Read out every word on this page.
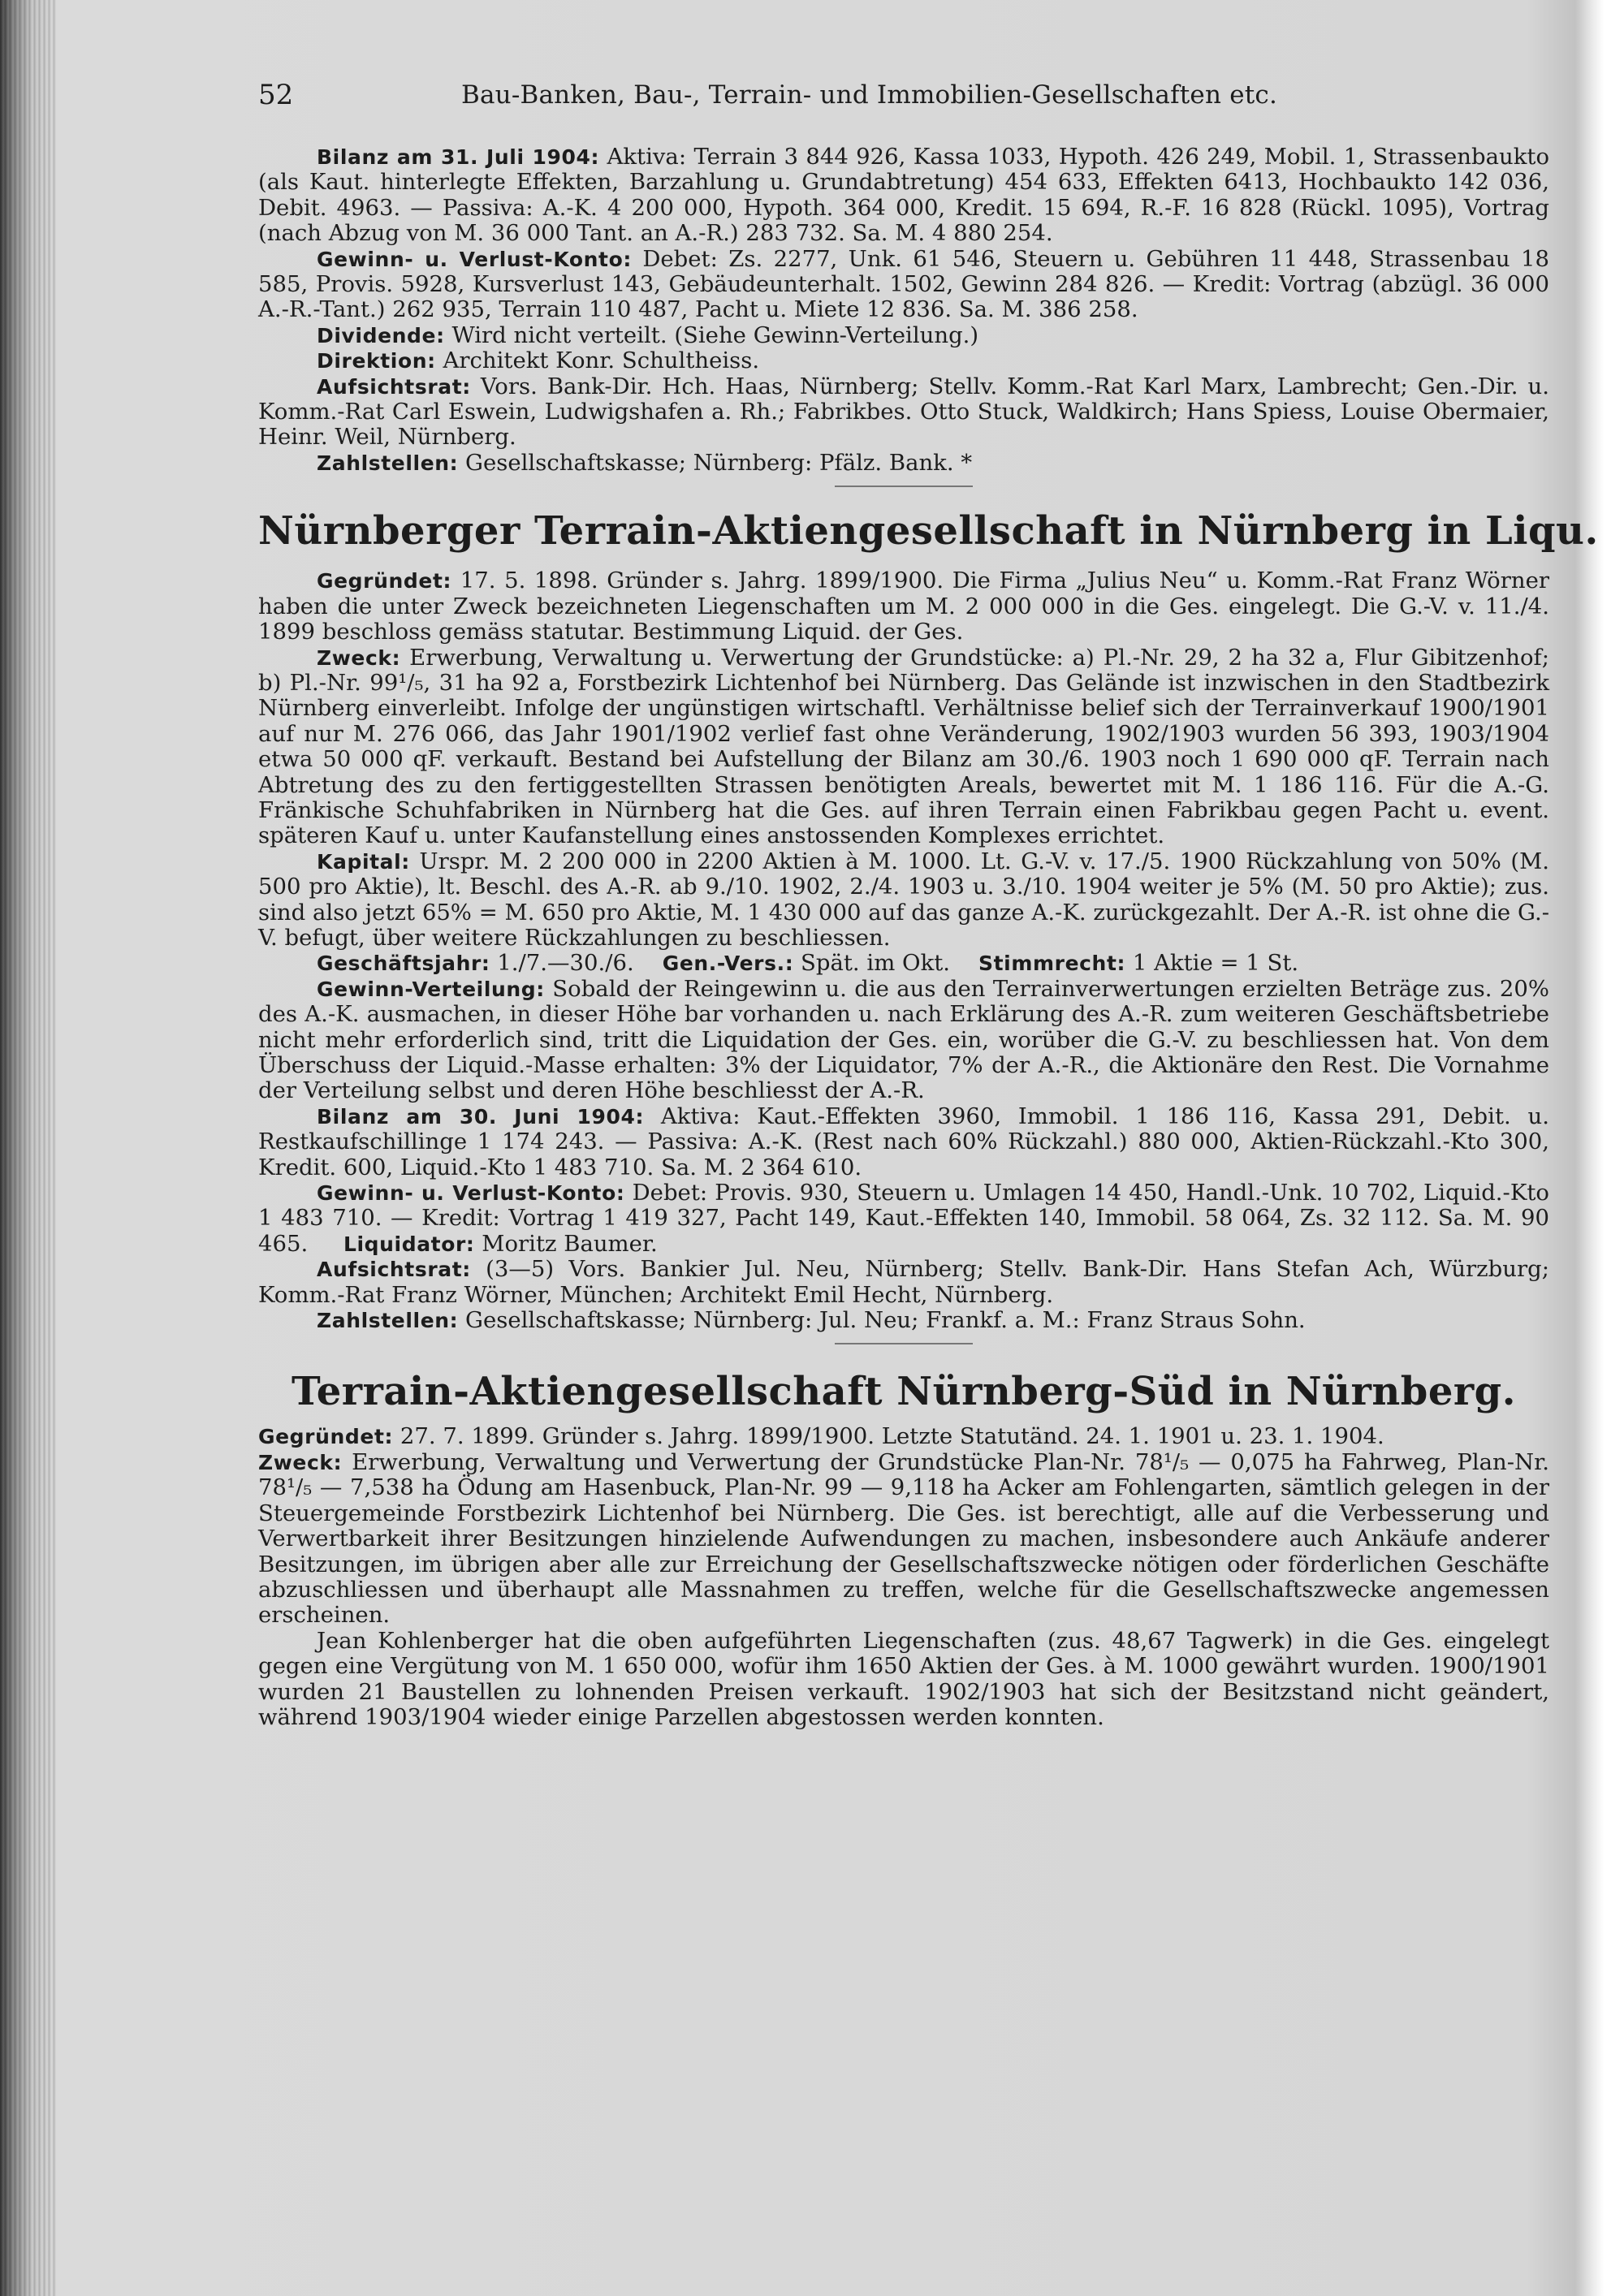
52	Bau-Banken, Bau-, Terrain- und Immobilien-Gesellschaften etc.

Bilanz am 31. Juli 1904: Aktiva: Terrain 3 844 926, Kassa 1033, Hypoth. 426 249, Mobil. 1, Strassenbaukto (als Kaut. hinterlegte Effekten, Barzahlung u. Grundabtretung) 454 633, Effekten 6413, Hochbaukto 142 036, Debit. 4963. — Passiva: A.-K. 4 200 000, Hypoth. 364 000, Kredit. 15 694, R.-F. 16 828 (Rückl. 1095), Vortrag (nach Abzug von M. 36 000 Tant. an A.-R.) 283 732. Sa. M. 4 880 254.

Gewinn- u. Verlust-Konto: Debet: Zs. 2277, Unk. 61 546, Steuern u. Gebühren 11 448, Strassenbau 18 585, Provis. 5928, Kursverlust 143, Gebäudeunterhalt. 1502, Gewinn 284 826. — Kredit: Vortrag (abzügl. 36 000 A.-R.-Tant.) 262 935, Terrain 110 487, Pacht u. Miete 12 836. Sa. M. 386 258.

Dividende: Wird nicht verteilt. (Siehe Gewinn-Verteilung.)

Direktion: Architekt Konr. Schultheiss.

Aufsichtsrat: Vors. Bank-Dir. Hch. Haas, Nürnberg; Stellv. Komm.-Rat Karl Marx, Lambrecht; Gen.-Dir. u. Komm.-Rat Carl Eswein, Ludwigshafen a. Rh.; Fabrikbes. Otto Stuck, Waldkirch; Hans Spiess, Louise Obermaier, Heinr. Weil, Nürnberg.

Zahlstellen: Gesellschaftskasse; Nürnberg: Pfälz. Bank. *

Nürnberger Terrain-Aktiengesellschaft in Nürnberg in Liqu.

Gegründet: 17. 5. 1898. Gründer s. Jahrg. 1899/1900. Die Firma „Julius Neu“ u. Komm.-Rat Franz Wörner haben die unter Zweck bezeichneten Liegenschaften um M. 2 000 000 in die Ges. eingelegt. Die G.-V. v. 11./4. 1899 beschloss gemäss statutar. Bestimmung Liquid. der Ges.

Zweck: Erwerbung, Verwaltung u. Verwertung der Grundstücke: a) Pl.-Nr. 29, 2 ha 32 a, Flur Gibitzenhof; b) Pl.-Nr. 99¹/₅, 31 ha 92 a, Forstbezirk Lichtenhof bei Nürnberg. Das Gelände ist inzwischen in den Stadtbezirk Nürnberg einverleibt. Infolge der ungünstigen wirtschaftl. Verhältnisse belief sich der Terrainverkauf 1900/1901 auf nur M. 276 066, das Jahr 1901/1902 verlief fast ohne Veränderung, 1902/1903 wurden 56 393, 1903/1904 etwa 50 000 qF. verkauft. Bestand bei Aufstellung der Bilanz am 30./6. 1903 noch 1 690 000 qF. Terrain nach Abtretung des zu den fertiggestellten Strassen benötigten Areals, bewertet mit M. 1 186 116. Für die A.-G. Fränkische Schuhfabriken in Nürnberg hat die Ges. auf ihren Terrain einen Fabrikbau gegen Pacht u. event. späteren Kauf u. unter Kaufanstellung eines anstossenden Komplexes errichtet.

Kapital: Urspr. M. 2 200 000 in 2200 Aktien à M. 1000. Lt. G.-V. v. 17./5. 1900 Rückzahlung von 50% (M. 500 pro Aktie), lt. Beschl. des A.-R. ab 9./10. 1902, 2./4. 1903 u. 3./10. 1904 weiter je 5% (M. 50 pro Aktie); zus. sind also jetzt 65% = M. 650 pro Aktie, M. 1 430 000 auf das ganze A.-K. zurückgezahlt. Der A.-R. ist ohne die G.-V. befugt, über weitere Rückzahlungen zu beschliessen.

Geschäftsjahr: 1./7.—30./6. Gen.-Vers.: Spät. im Okt. Stimmrecht: 1 Aktie = 1 St.

Gewinn-Verteilung: Sobald der Reingewinn u. die aus den Terrainverwertungen erzielten Beträge zus. 20% des A.-K. ausmachen, in dieser Höhe bar vorhanden u. nach Erklärung des A.-R. zum weiteren Geschäftsbetriebe nicht mehr erforderlich sind, tritt die Liquidation der Ges. ein, worüber die G.-V. zu beschliessen hat. Von dem Überschuss der Liquid.-Masse erhalten: 3% der Liquidator, 7% der A.-R., die Aktionäre den Rest. Die Vornahme der Verteilung selbst und deren Höhe beschliesst der A.-R.

Bilanz am 30. Juni 1904: Aktiva: Kaut.-Effekten 3960, Immobil. 1 186 116, Kassa 291, Debit. u. Restkaufschillinge 1 174 243. — Passiva: A.-K. (Rest nach 60% Rückzahl.) 880 000, Aktien-Rückzahl.-Kto 300, Kredit. 600, Liquid.-Kto 1 483 710. Sa. M. 2 364 610.

Gewinn- u. Verlust-Konto: Debet: Provis. 930, Steuern u. Umlagen 14 450, Handl.-Unk. 10 702, Liquid.-Kto 1 483 710. — Kredit: Vortrag 1 419 327, Pacht 149, Kaut.-Effekten 140, Immobil. 58 064, Zs. 32 112. Sa. M. 90 465. Liquidator: Moritz Baumer.

Aufsichtsrat: (3—5) Vors. Bankier Jul. Neu, Nürnberg; Stellv. Bank-Dir. Hans Stefan Ach, Würzburg; Komm.-Rat Franz Wörner, München; Architekt Emil Hecht, Nürnberg.

Zahlstellen: Gesellschaftskasse; Nürnberg: Jul. Neu; Frankf. a. M.: Franz Straus Sohn.

Terrain-Aktiengesellschaft Nürnberg-Süd in Nürnberg.

Gegründet: 27. 7. 1899. Gründer s. Jahrg. 1899/1900. Letzte Statutänd. 24. 1. 1901 u. 23. 1. 1904.

Zweck: Erwerbung, Verwaltung und Verwertung der Grundstücke Plan-Nr. 78¹/₅ — 0,075 ha Fahrweg, Plan-Nr. 78¹/₅ — 7,538 ha Ödung am Hasenbuck, Plan-Nr. 99 — 9,118 ha Acker am Fohlengarten, sämtlich gelegen in der Steuergemeinde Forstbezirk Lichtenhof bei Nürnberg. Die Ges. ist berechtigt, alle auf die Verbesserung und Verwertbarkeit ihrer Besitzungen hinzielende Aufwendungen zu machen, insbesondere auch Ankäufe anderer Besitzungen, im übrigen aber alle zur Erreichung der Gesellschaftszwecke nötigen oder förderlichen Geschäfte abzuschliessen und überhaupt alle Massnahmen zu treffen, welche für die Gesellschaftszwecke angemessen erscheinen.

Jean Kohlenberger hat die oben aufgeführten Liegenschaften (zus. 48,67 Tagwerk) in die Ges. eingelegt gegen eine Vergütung von M. 1 650 000, wofür ihm 1650 Aktien der Ges. à M. 1000 gewährt wurden. 1900/1901 wurden 21 Baustellen zu lohnenden Preisen verkauft. 1902/1903 hat sich der Besitzstand nicht geändert, während 1903/1904 wieder einige Parzellen abgestossen werden konnten.
